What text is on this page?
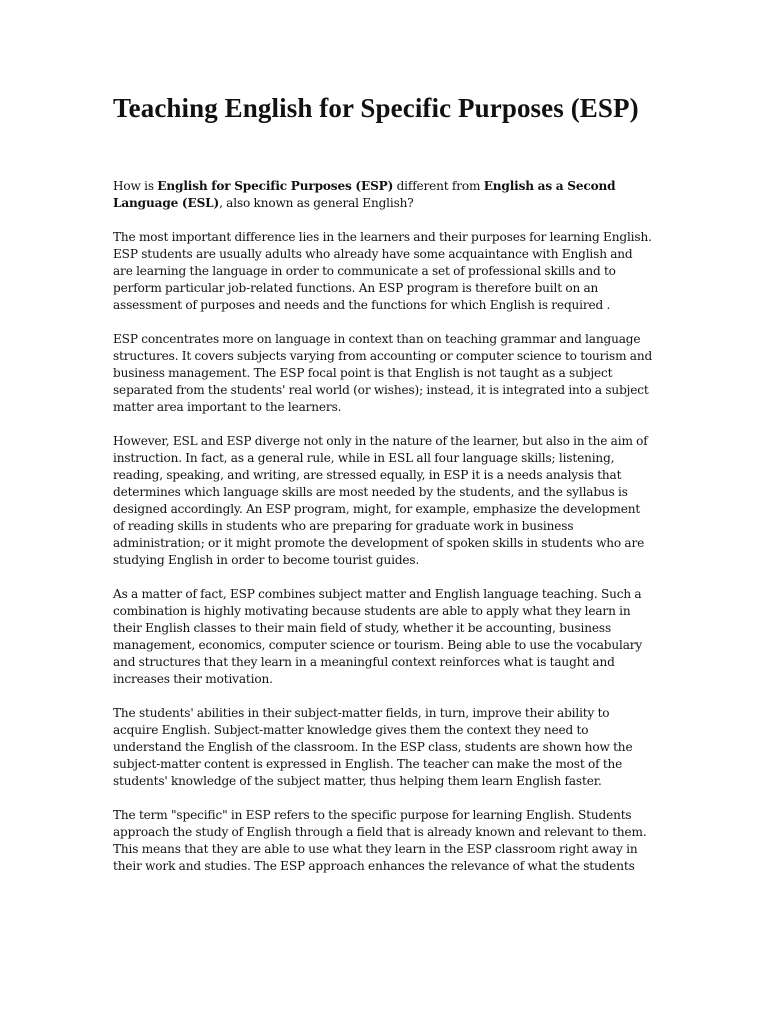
Teaching English for Specific Purposes (ESP)

How is English for Specific Purposes (ESP) different from English as a Second Language (ESL), also known as general English?

The most important difference lies in the learners and their purposes for learning English. ESP students are usually adults who already have some acquaintance with English and are learning the language in order to communicate a set of professional skills and to perform particular job-related functions. An ESP program is therefore built on an assessment of purposes and needs and the functions for which English is required .

ESP concentrates more on language in context than on teaching grammar and language structures. It covers subjects varying from accounting or computer science to tourism and business management. The ESP focal point is that English is not taught as a subject separated from the students' real world (or wishes); instead, it is integrated into a subject matter area important to the learners.

However, ESL and ESP diverge not only in the nature of the learner, but also in the aim of instruction. In fact, as a general rule, while in ESL all four language skills; listening, reading, speaking, and writing, are stressed equally, in ESP it is a needs analysis that determines which language skills are most needed by the students, and the syllabus is designed accordingly. An ESP program, might, for example, emphasize the development of reading skills in students who are preparing for graduate work in business administration; or it might promote the development of spoken skills in students who are studying English in order to become tourist guides.

As a matter of fact, ESP combines subject matter and English language teaching. Such a combination is highly motivating because students are able to apply what they learn in their English classes to their main field of study, whether it be accounting, business management, economics, computer science or tourism. Being able to use the vocabulary and structures that they learn in a meaningful context reinforces what is taught and increases their motivation.

The students' abilities in their subject-matter fields, in turn, improve their ability to acquire English. Subject-matter knowledge gives them the context they need to understand the English of the classroom. In the ESP class, students are shown how the subject-matter content is expressed in English. The teacher can make the most of the students' knowledge of the subject matter, thus helping them learn English faster.

The term "specific" in ESP refers to the specific purpose for learning English. Students approach the study of English through a field that is already known and relevant to them. This means that they are able to use what they learn in the ESP classroom right away in their work and studies. The ESP approach enhances the relevance of what the students
